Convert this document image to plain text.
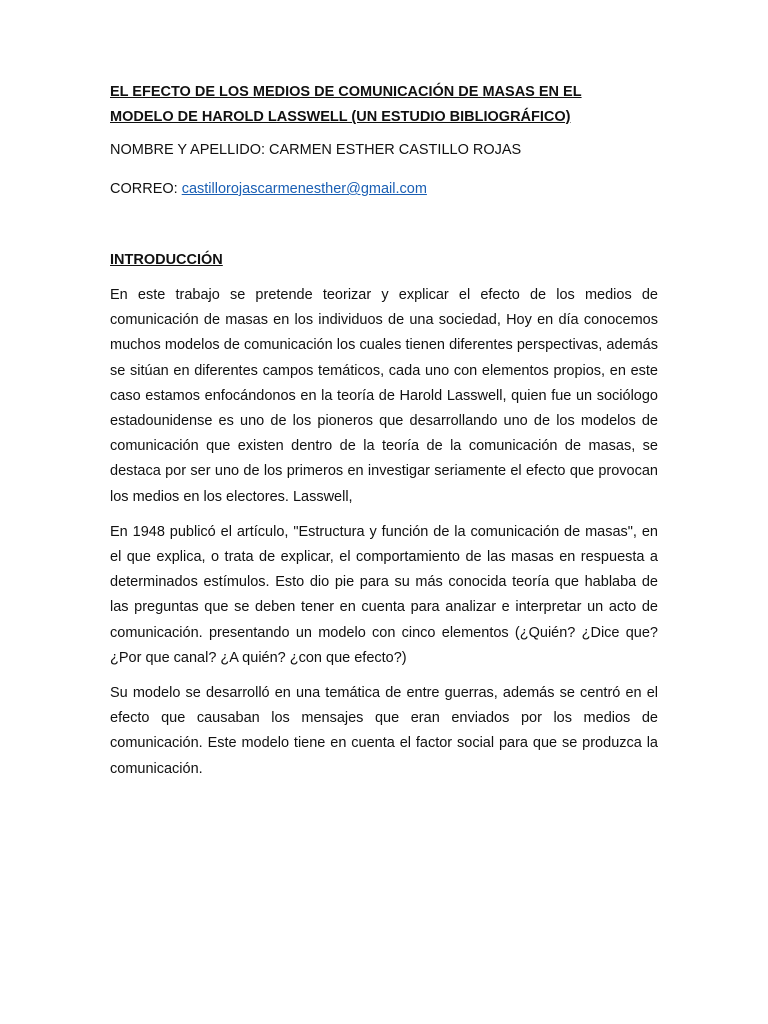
EL EFECTO DE LOS MEDIOS DE COMUNICACIÓN DE MASAS EN EL
MODELO DE HAROLD LASSWELL (UN ESTUDIO BIBLIOGRÁFICO)

NOMBRE Y APELLIDO: CARMEN ESTHER CASTILLO ROJAS

CORREO: castillorojascarmenesther@gmail.com

INTRODUCCIÓN

En este trabajo se pretende teorizar y explicar el efecto de los medios de comunicación de masas en los individuos de una sociedad, Hoy en día conocemos muchos modelos de comunicación los cuales tienen diferentes perspectivas, además se sitúan en diferentes campos temáticos, cada uno con elementos propios, en este caso estamos enfocándonos en la teoría de Harold Lasswell, quien fue un sociólogo estadounidense es uno de los pioneros que desarrollando uno de los modelos de comunicación que existen dentro de la teoría de la comunicación de masas, se destaca por ser uno de los primeros en investigar seriamente el efecto que provocan los medios en los electores. Lasswell,

En 1948 publicó el artículo, "Estructura y función de la comunicación de masas", en el que explica, o trata de explicar, el comportamiento de las masas en respuesta a determinados estímulos. Esto dio pie para su más conocida teoría que hablaba de las preguntas que se deben tener en cuenta para analizar e interpretar un acto de comunicación. presentando un modelo con cinco elementos (¿Quién? ¿Dice que? ¿Por que canal? ¿A quién? ¿con que efecto?)

Su modelo se desarrolló en una temática de entre guerras, además se centró en el efecto que causaban los mensajes que eran enviados por los medios de comunicación. Este modelo tiene en cuenta el factor social para que se produzca la comunicación.
